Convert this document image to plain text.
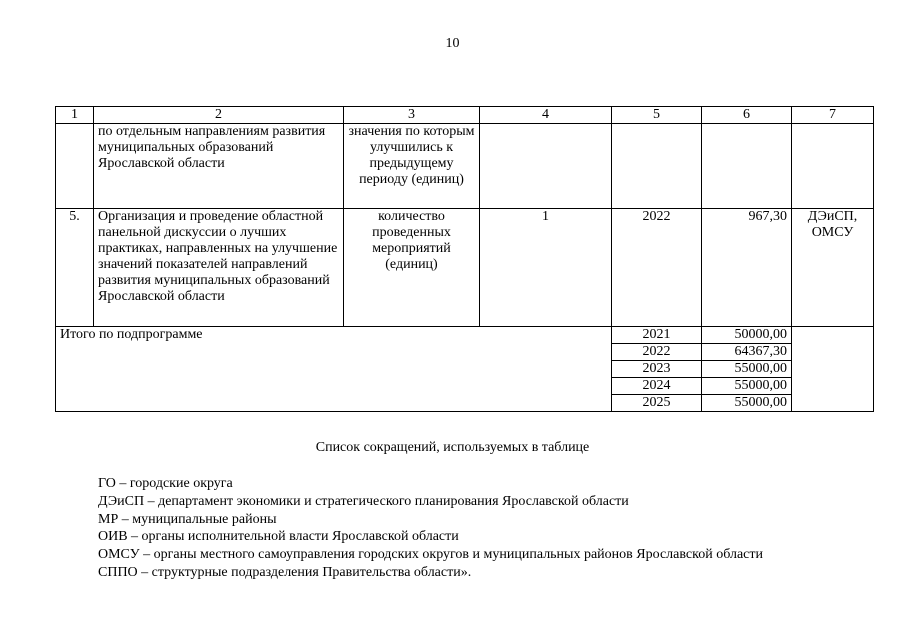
10
1	2	3	4	5	6	7
	по отдельным направлениям развития муниципальных образований Ярославской области	значения по которым улучшились к предыдущему периоду (единиц)				
5.	Организация и проведение областной панельной дискуссии о лучших практиках, направленных на улучшение значений показателей направлений развития муниципальных образований Ярославской области	количество проведенных мероприятий (единиц)	1	2022	967,30	ДЭиСП, ОМСУ
Итого по подпрограмме				2021	50000,00	
				2022	64367,30	
				2023	55000,00	
				2024	55000,00	
				2025	55000,00	
Список сокращений, используемых в таблице
ГО – городские округа
ДЭиСП – департамент экономики и стратегического планирования Ярославской области
МР – муниципальные районы
ОИВ – органы исполнительной власти Ярославской области
ОМСУ – органы местного самоуправления городских округов и муниципальных районов Ярославской области
СППО – структурные подразделения Правительства области».
